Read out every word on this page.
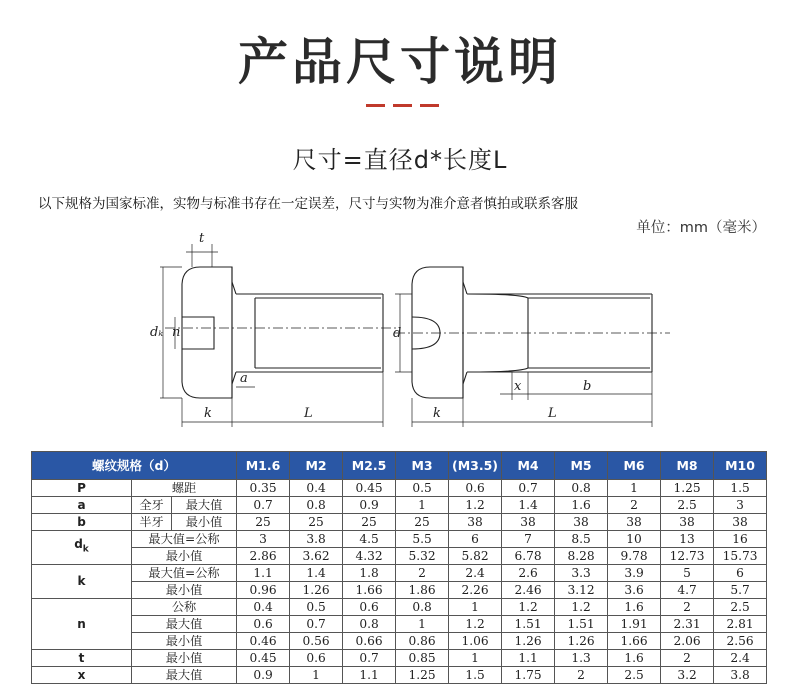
产品尺寸说明
尺寸=直径d*长度L
以下规格为国家标准，实物与标准书存在一定误差，尺寸与实物为准介意者慎拍或联系客服
单位：mm（毫米）
t
dₖ n
a
k	L
d
k	L
x	b
螺纹规格（d）			M1.6	M2	M2.5	M3	(M3.5)	M4	M5	M6	M8	M10
P	螺距		0.35	0.4	0.45	0.5	0.6	0.7	0.8	1	1.25	1.5
a	全牙	最大值	0.7	0.8	0.9	1	1.2	1.4	1.6	2	2.5	3
b	半牙	最小值	25	25	25	25	38	38	38	38	38	38
$d_k$	最大值=公称		3	3.8	4.5	5.5	6	7	8.5	10	13	16
	最小值		2.86	3.62	4.32	5.32	5.82	6.78	8.28	9.78	12.73	15.73
k	最大值=公称		1.1	1.4	1.8	2	2.4	2.6	3.3	3.9	5	6
	最小值		0.96	1.26	1.66	1.86	2.26	2.46	3.12	3.6	4.7	5.7
n	公称		0.4	0.5	0.6	0.8	1	1.2	1.2	1.6	2	2.5
	最大值		0.6	0.7	0.8	1	1.2	1.51	1.51	1.91	2.31	2.81
	最小值		0.46	0.56	0.66	0.86	1.06	1.26	1.26	1.66	2.06	2.56
t	最小值		0.45	0.6	0.7	0.85	1	1.1	1.3	1.6	2	2.4
x	最大值		0.9	1	1.1	1.25	1.5	1.75	2	2.5	3.2	3.8
